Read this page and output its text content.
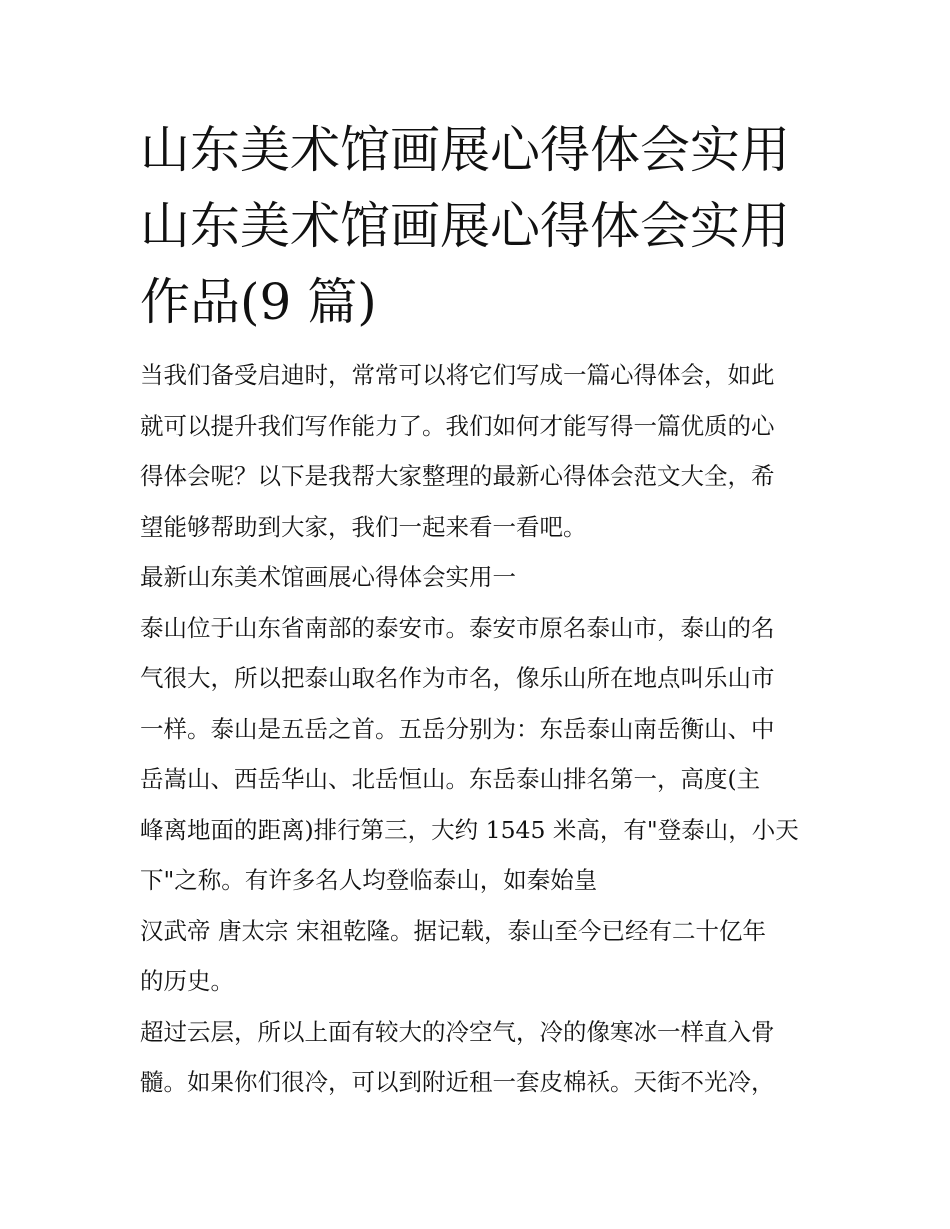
山东美术馆画展心得体会实用
山东美术馆画展心得体会实用
作品(9 篇)

当我们备受启迪时，常常可以将它们写成一篇心得体会，如此
就可以提升我们写作能力了。我们如何才能写得一篇优质的心
得体会呢？以下是我帮大家整理的最新心得体会范文大全，希
望能够帮助到大家，我们一起来看一看吧。

最新山东美术馆画展心得体会实用一

泰山位于山东省南部的泰安市。泰安市原名泰山市，泰山的名
气很大，所以把泰山取名作为市名，像乐山所在地点叫乐山市
一样。泰山是五岳之首。五岳分别为：东岳泰山南岳衡山、中
岳嵩山、西岳华山、北岳恒山。东岳泰山排名第一，高度(主
峰离地面的距离)排行第三，大约 1545 米高，有"登泰山，小天
下"之称。有许多名人均登临泰山，如秦始皇

汉武帝 唐太宗 宋祖乾隆。据记载，泰山至今已经有二十亿年
的历史。

超过云层，所以上面有较大的冷空气，冷的像寒冰一样直入骨
髓。如果你们很冷，可以到附近租一套皮棉袄。天街不光冷，
